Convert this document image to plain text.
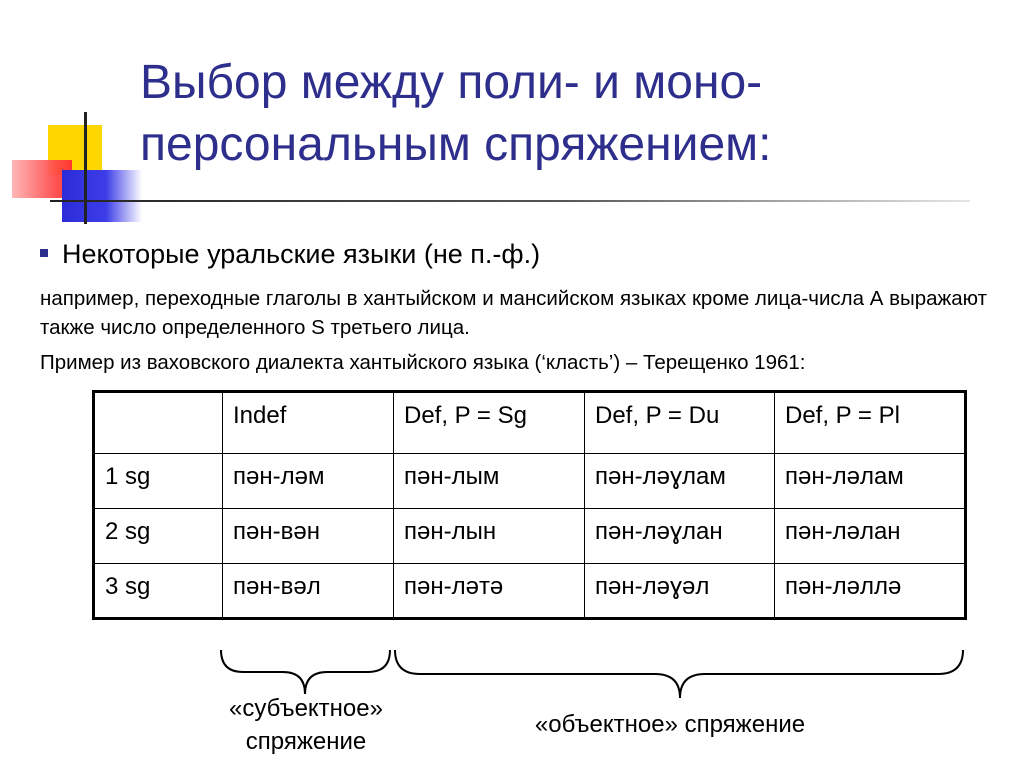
Выбор между поли- и моно-
персональным спряжением:
Некоторые уральские языки (не п.-ф.)
например, переходные глаголы в хантыйском и мансийском языках кроме лица-числа А выражают также число определенного S третьего лица.
Пример из ваховского диалекта хантыйского языка (‘класть’) – Терещенко 1961:
	Indef	Def, P = Sg	Def, P = Du	Def, P = Pl
1 sg	пән-ләм	пән-лым	пән-ләɣлам	пән-ләлам
2 sg	пән-вән	пән-лын	пән-ләɣлан	пән-ләлан
3 sg	пән-вәл	пән-ләтә	пән-ләɣәл	пән-ләллә
«субъектное»
спряжение
«объектное» спряжение
